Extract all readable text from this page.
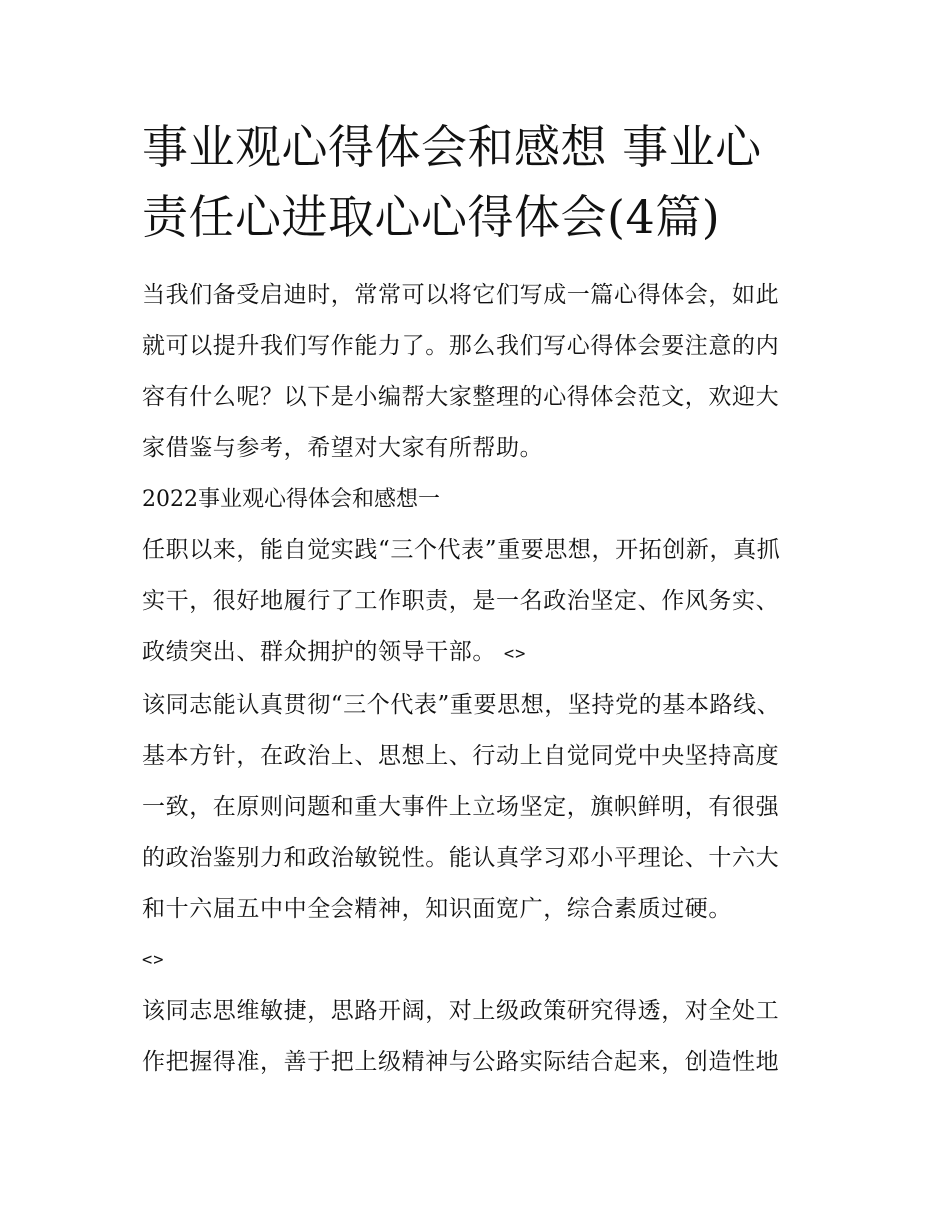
事业观心得体会和感想 事业心
责任心进取心心得体会(4篇)

当我们备受启迪时，常常可以将它们写成一篇心得体会，如此
就可以提升我们写作能力了。那么我们写心得体会要注意的内
容有什么呢？以下是小编帮大家整理的心得体会范文，欢迎大
家借鉴与参考，希望对大家有所帮助。

2022事业观心得体会和感想一

任职以来，能自觉实践“三个代表”重要思想，开拓创新，真抓
实干，很好地履行了工作职责，是一名政治坚定、作风务实、
政绩突出、群众拥护的领导干部。 <>

该同志能认真贯彻“三个代表”重要思想，坚持党的基本路线、
基本方针，在政治上、思想上、行动上自觉同党中央坚持高度
一致，在原则问题和重大事件上立场坚定，旗帜鲜明，有很强
的政治鉴别力和政治敏锐性。能认真学习邓小平理论、十六大
和十六届五中中全会精神，知识面宽广，综合素质过硬。
<>

该同志思维敏捷，思路开阔，对上级政策研究得透，对全处工
作把握得准，善于把上级精神与公路实际结合起来，创造性地
